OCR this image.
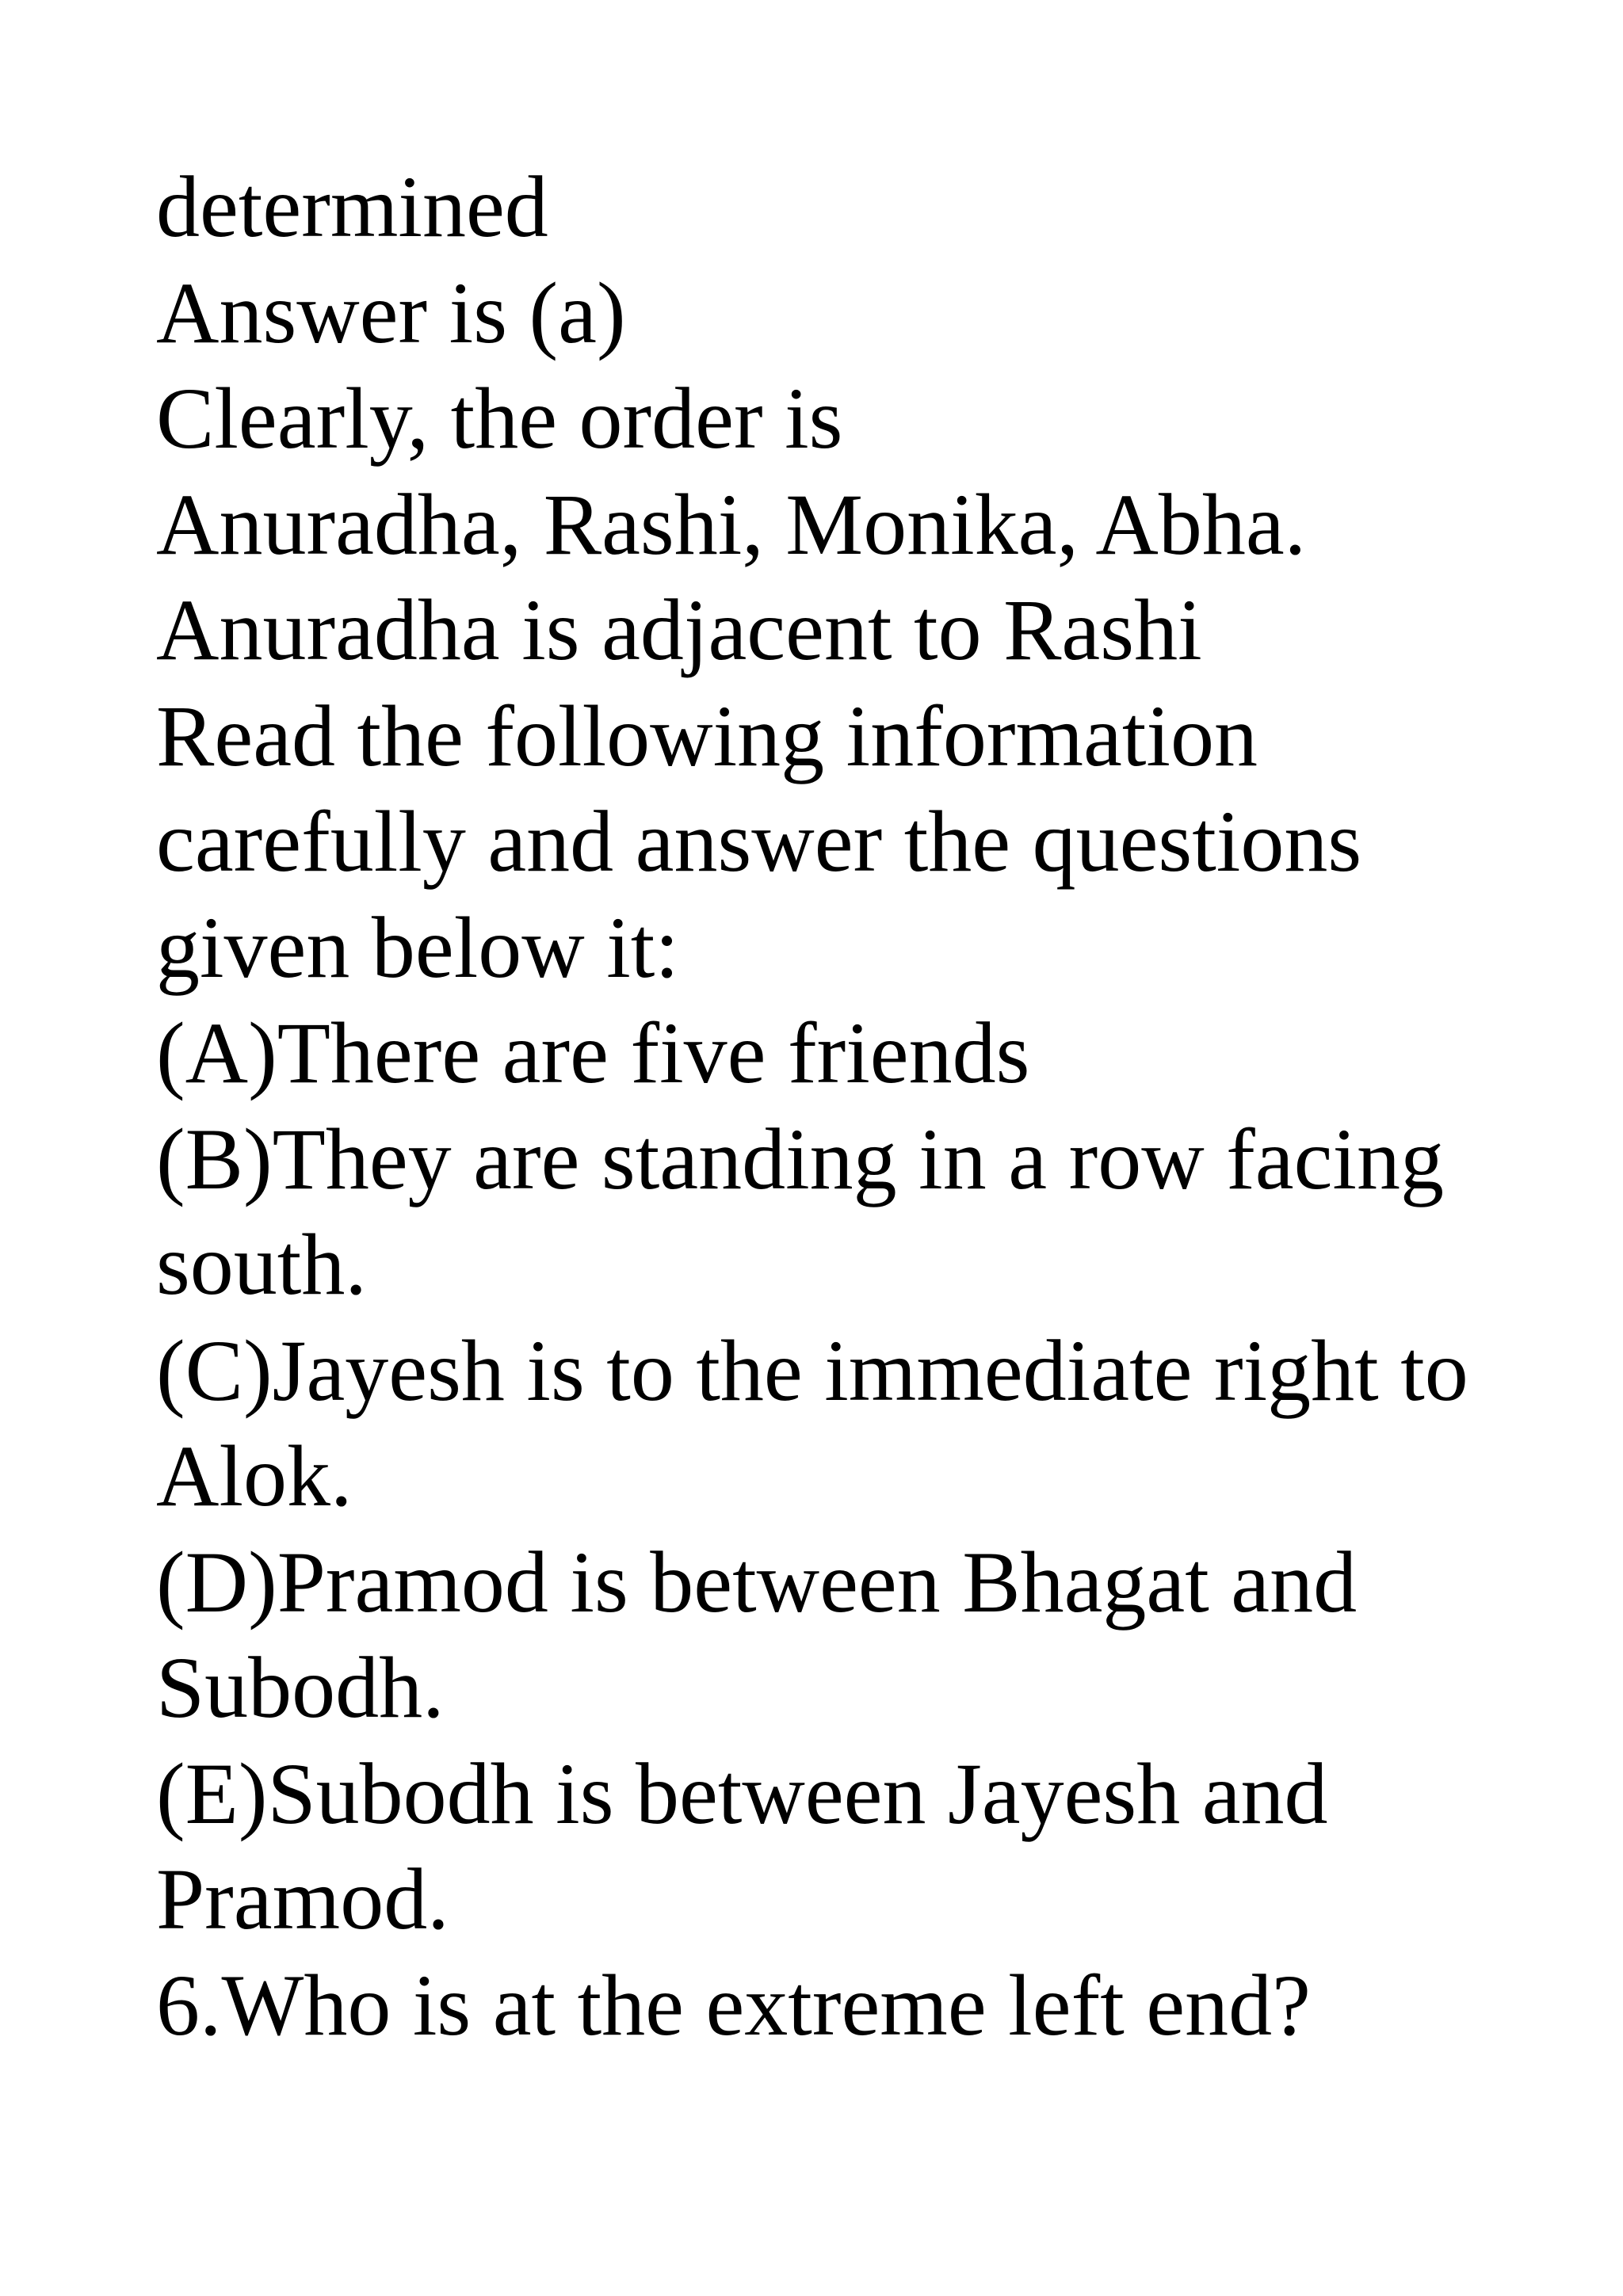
determined

Answer is (a)

Clearly, the order is

Anuradha, Rashi, Monika, Abha.

Anuradha is adjacent to Rashi

Read the following information

carefully and answer the questions

given below it:

(A)There are five friends

(B)They are standing in a row facing

south.

(C)Jayesh is to the immediate right to

Alok.

(D)Pramod is between Bhagat and

Subodh.

(E)Subodh is between Jayesh and

Pramod.

6.Who is at the extreme left end?
